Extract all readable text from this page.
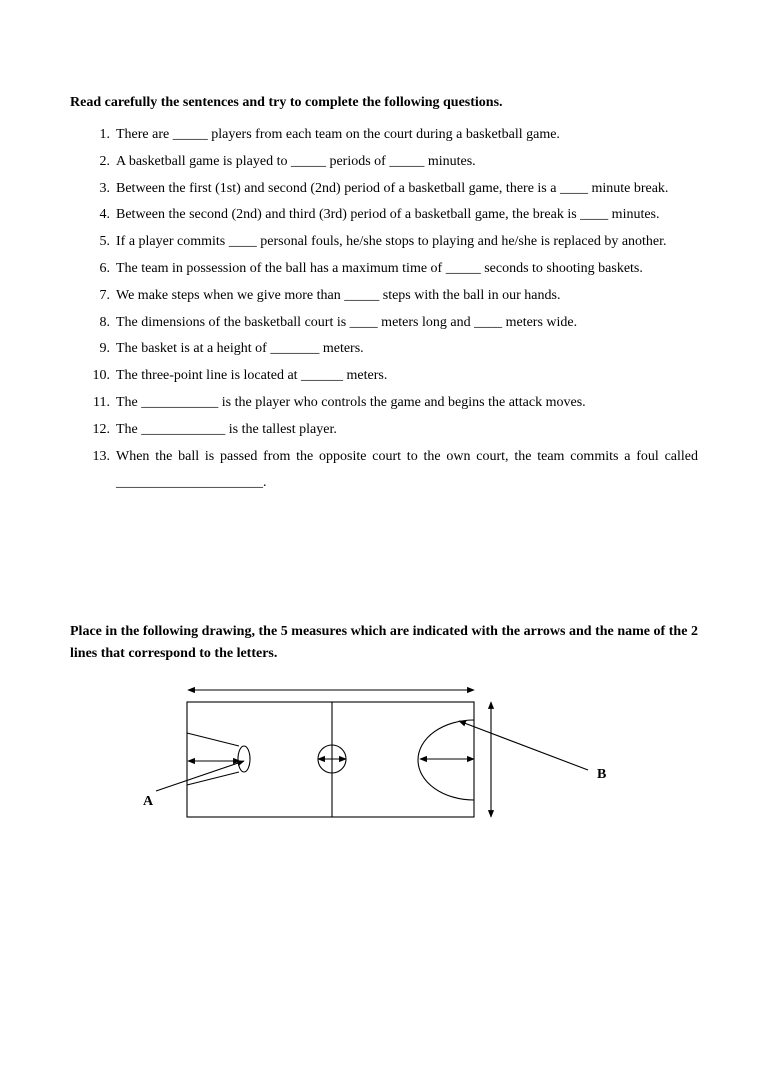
Read carefully the sentences and try to complete the following questions.
1. There are _____ players from each team on the court during a basketball game.
2. A basketball game is played to _____ periods of _____ minutes.
3. Between the first (1st) and second (2nd) period of a basketball game, there is a ____ minute break.
4. Between the second (2nd) and third (3rd) period of a basketball game, the break is ____ minutes.
5. If a player commits ____ personal fouls, he/she stops to playing and he/she is replaced by another.
6. The team in possession of the ball has a maximum time of _____ seconds to shooting baskets.
7. We make steps when we give more than _____ steps with the ball in our hands.
8. The dimensions of the basketball court is ____ meters long and ____ meters wide.
9. The basket is at a height of _______ meters.
10. The three-point line is located at ______ meters.
11. The ___________ is the player who controls the game and begins the attack moves.
12. The ____________ is the tallest player.
13. When the ball is passed from the opposite court to the own court, the team commits a foul called _____________________.
Place in the following drawing, the 5 measures which are indicated with the arrows and the name of the 2 lines that correspond to the letters.
A
B
